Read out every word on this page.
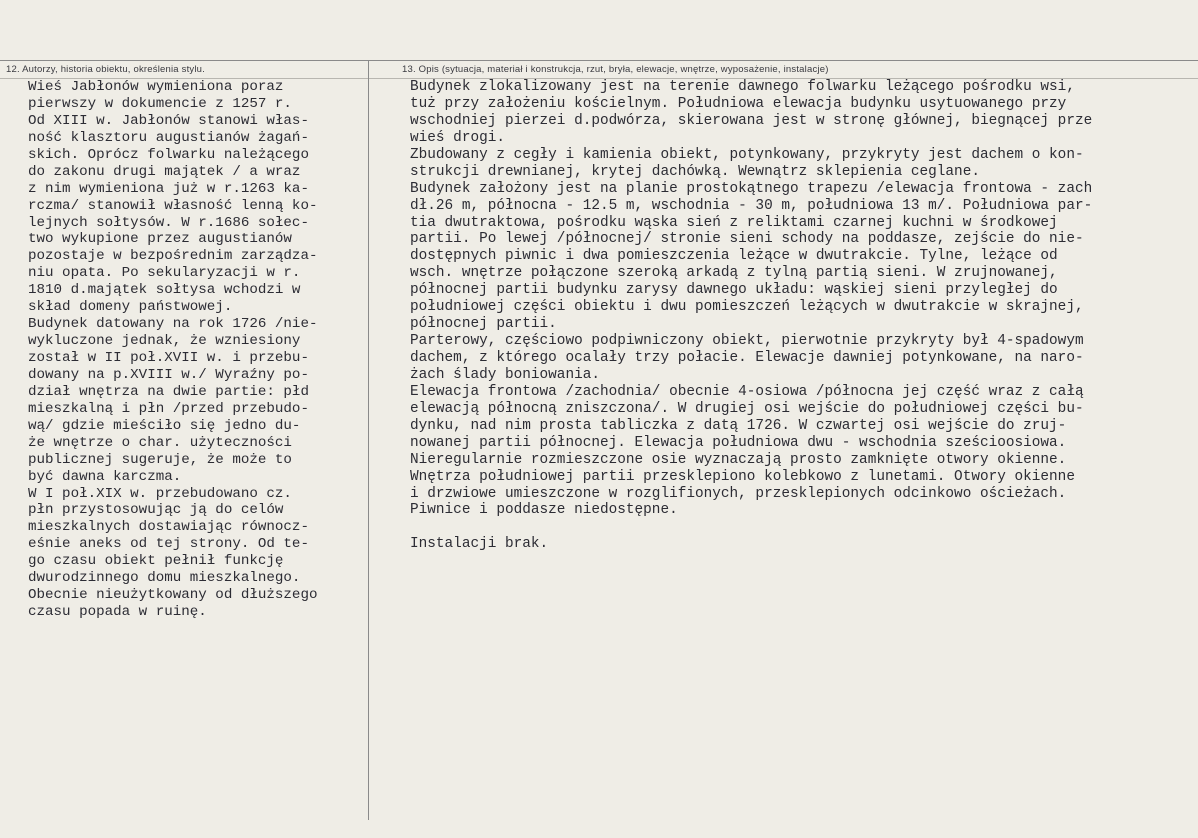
12. Autorzy, historia obiektu, określenia stylu.	13. Opis (sytuacja, materiał i konstrukcja, rzut, bryła, elewacje, wnętrze, wyposażenie, instalacje)
Wieś Jabłonów wymieniona poraz
pierwszy w dokumencie z 1257 r.
Od XIII w. Jabłonów stanowi włas-
ność klasztoru augustianów żagań-
skich. Oprócz folwarku należącego
do zakonu drugi majątek / a wraz
z nim wymieniona już w r.1263 ka-
rczma/ stanowił własność lenną ko-
lejnych sołtysów. W r.1686 sołec-
two wykupione przez augustianów
pozostaje w bezpośrednim zarządza-
niu opata. Po sekularyzacji w r.
1810 d.majątek sołtysa wchodzi w
skład domeny państwowej.
Budynek datowany na rok 1726 /nie-
wykluczone jednak, że wzniesiony
został w II poł.XVII w. i przebu-
dowany na p.XVIII w./ Wyraźny po-
dział wnętrza na dwie partie: płd
mieszkalną i płn /przed przebudo-
wą/ gdzie mieściło się jedno du-
że wnętrze o char. użyteczności
publicznej sugeruje, że może to
być dawna karczma.
W I poł.XIX w. przebudowano cz.
płn przystosowując ją do celów
mieszkalnych dostawiając równocz-
eśnie aneks od tej strony. Od te-
go czasu obiekt pełnił funkcję
dwurodzinnego domu mieszkalnego.
Obecnie nieużytkowany od dłuższego
czasu popada w ruinę.
Budynek zlokalizowany jest na terenie dawnego folwarku leżącego pośrodku wsi,
tuż przy założeniu kościelnym. Południowa elewacja budynku usytuowanego przy
wschodniej pierzei d.podwórza, skierowana jest w stronę głównej, biegnącej prze
wieś drogi.
Zbudowany z cegły i kamienia obiekt, potynkowany, przykryty jest dachem o kon-
strukcji drewnianej, krytej dachówką. Wewnątrz sklepienia ceglane.
Budynek założony jest na planie prostokątnego trapezu /elewacja frontowa - zach
dł.26 m, północna - 12.5 m, wschodnia - 30 m, południowa 13 m/. Południowa par-
tia dwutraktowa, pośrodku wąska sień z reliktami czarnej kuchni w środkowej
partii. Po lewej /północnej/ stronie sieni schody na poddasze, zejście do nie-
dostępnych piwnic i dwa pomieszczenia leżące w dwutrakcie. Tylne, leżące od
wsch. wnętrze połączone szeroką arkadą z tylną partią sieni. W zrujnowanej,
północnej partii budynku zarysy dawnego układu: wąskiej sieni przyległej do
południowej części obiektu i dwu pomieszczeń leżących w dwutrakcie w skrajnej,
północnej partii.
Parterowy, częściowo podpiwniczony obiekt, pierwotnie przykryty był 4-spadowym
dachem, z którego ocalały trzy połacie. Elewacje dawniej potynkowane, na naro-
żach ślady boniowania.
Elewacja frontowa /zachodnia/ obecnie 4-osiowa /północna jej część wraz z całą
elewacją północną zniszczona/. W drugiej osi wejście do południowej części bu-
dynku, nad nim prosta tabliczka z datą 1726. W czwartej osi wejście do zruj-
nowanej partii północnej. Elewacja południowa dwu - wschodnia sześcioosiowa.
Nieregularnie rozmieszczone osie wyznaczają prosto zamknięte otwory okienne.
Wnętrza południowej partii przesklepiono kolebkowo z lunetami. Otwory okienne
i drzwiowe umieszczone w rozglifionych, przesklepionych odcinkowo ościeżach.
Piwnice i poddasze niedostępne.
Instalacji brak.
